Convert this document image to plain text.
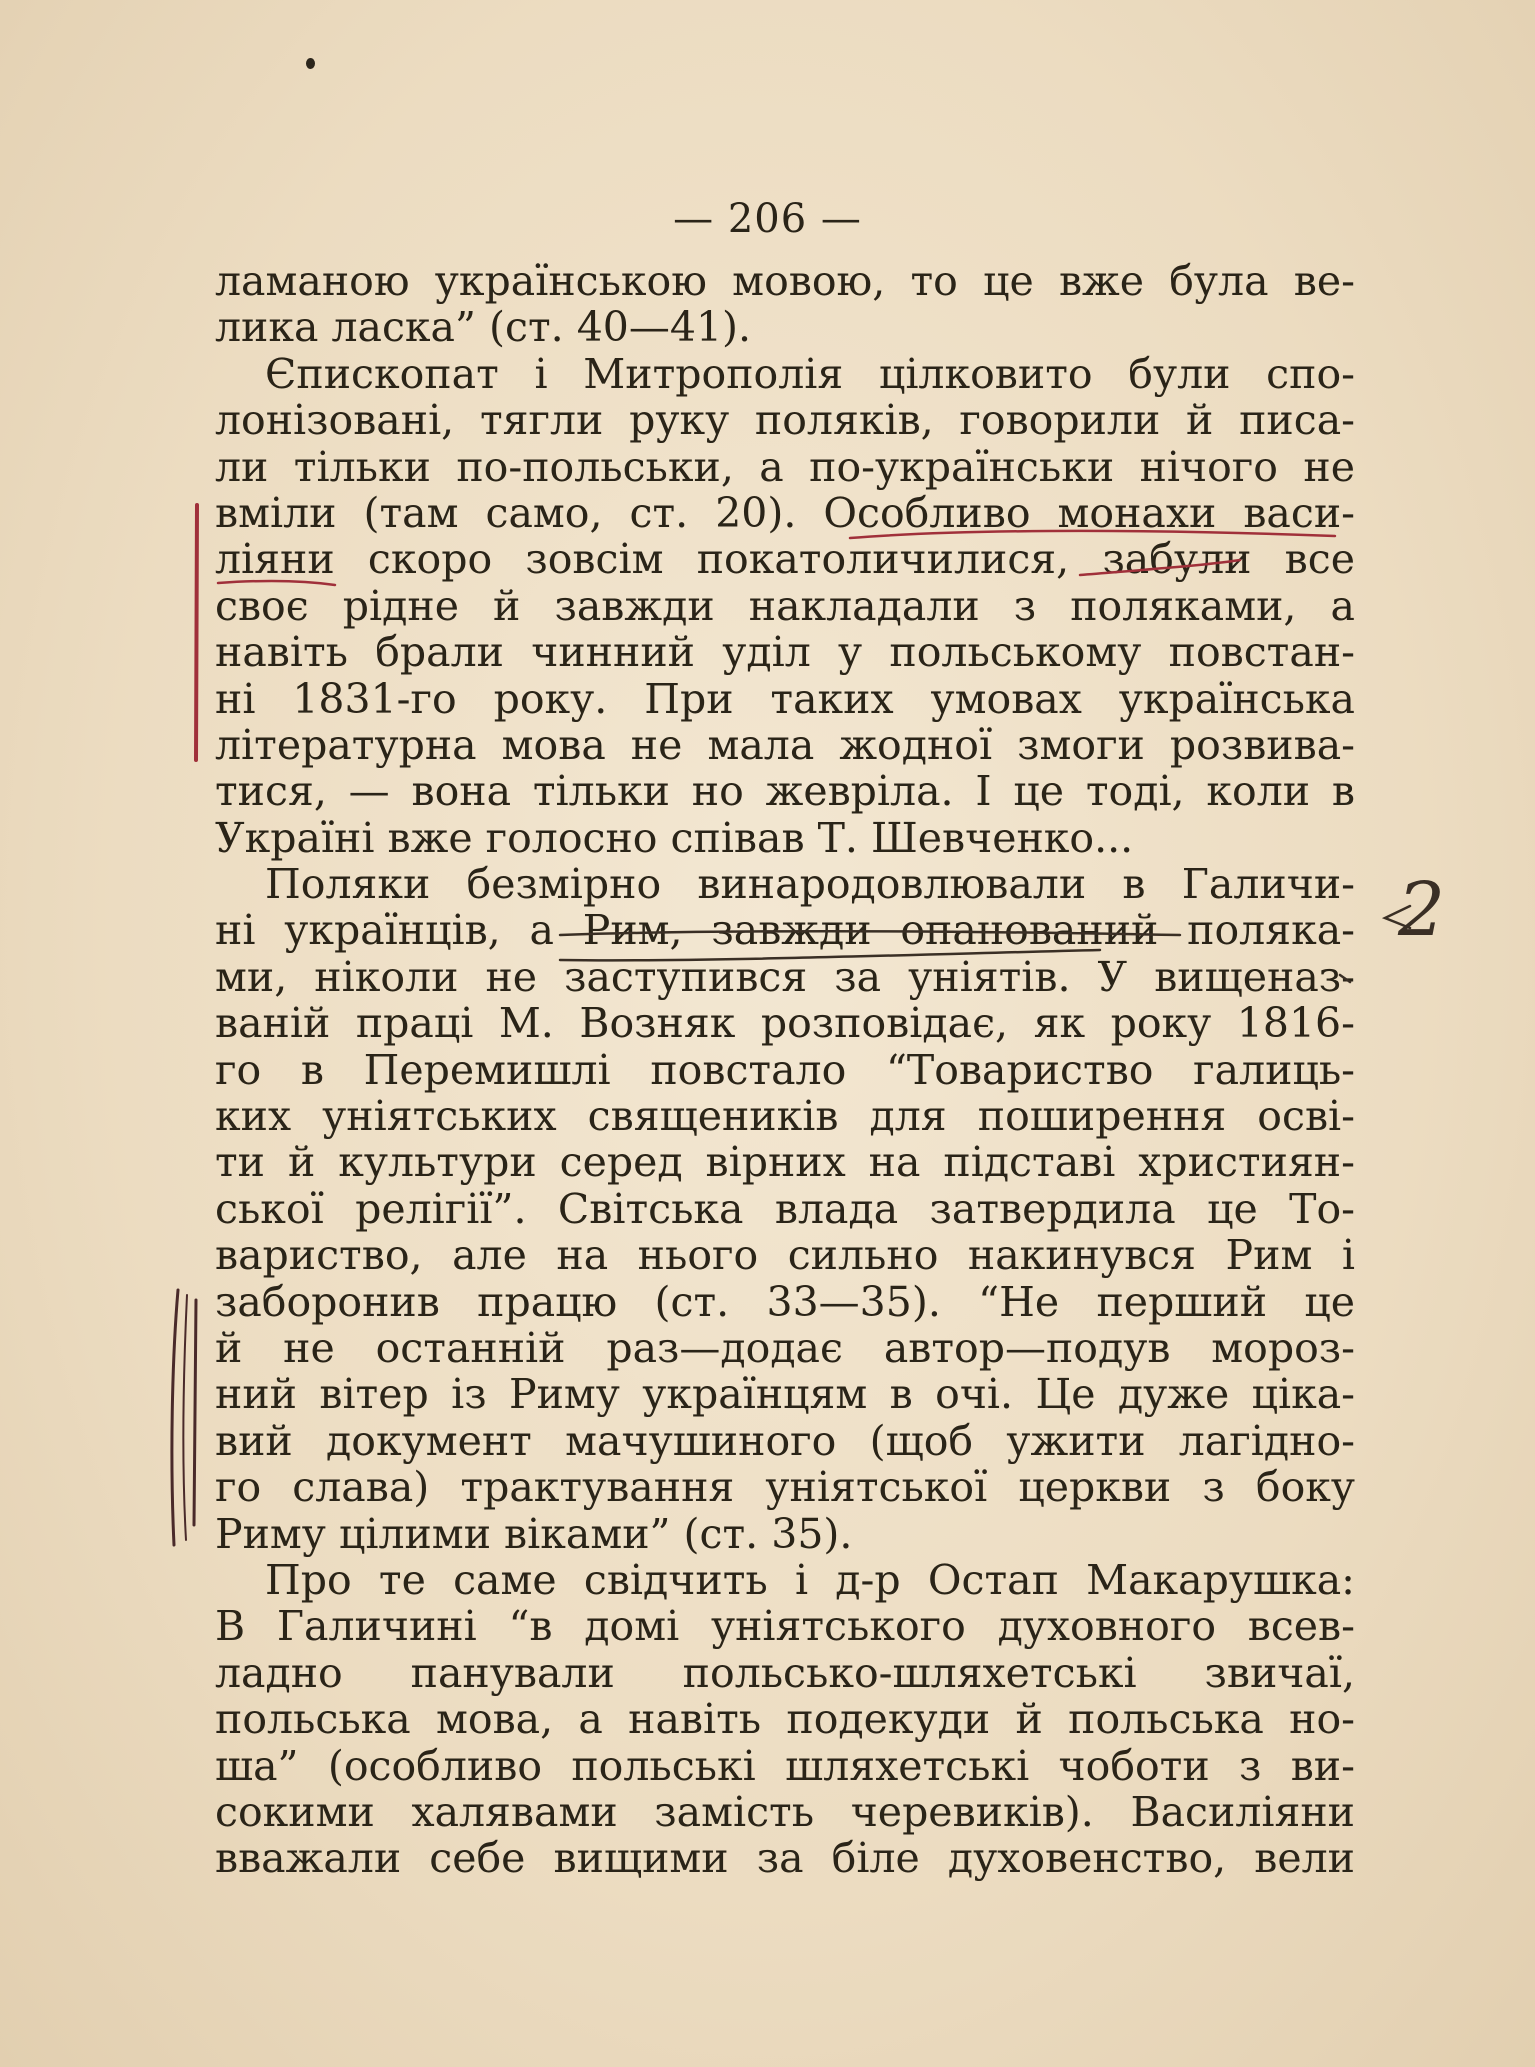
— 206 —
ламаною українською мовою, то це вже була ве-
лика ласка” (ст. 40—41).
Єпископат і Митрополія цілковито були спо-
лонізовані, тягли руку поляків, говорили й писа-
ли тільки по-польськи, а по-українськи нічого не
вміли (там само, ст. 20). Особливо монахи васи-
ліяни скоро зовсім покатоличилися, забули все
своє рідне й завжди накладали з поляками, а
навіть брали чинний уділ у польському повстан-
ні 1831-го року. При таких умовах українська
літературна мова не мала жодної змоги розвива-
тися, — вона тільки но жевріла. І це тоді, коли в
Україні вже голосно співав Т. Шевченко...
Поляки безмірно винародовлювали в Галичи-
ні українців, а Рим, завжди опанований поляка-
ми, ніколи не заступився за уніятів. У вищеназ-
ваній праці М. Возняк розповідає, як року 1816-
го в Перемишлі повстало “Товариство галиць-
ких уніятських священиків для поширення осві-
ти й культури серед вірних на підставі християн-
ської релігії”. Світська влада затвердила це То-
вариство, але на нього сильно накинувся Рим і
заборонив працю (ст. 33—35). “Не перший це
й не останній раз—додає автор—подув мороз-
ний вітер із Риму українцям в очі. Це дуже ціка-
вий документ мачушиного (щоб ужити лагідно-
го слава) трактування уніятської церкви з боку
Риму цілими віками” (ст. 35).
Про те саме свідчить і д-р Остап Макарушка:
В Галичині “в домі уніятського духовного всев-
ладно панували польсько-шляхетські звичаї,
польська мова, а навіть подекуди й польська но-
ша” (особливо польські шляхетські чоботи з ви-
сокими халявами замість черевиків). Василіяни
вважали себе вищими за біле духовенство, вели
2
